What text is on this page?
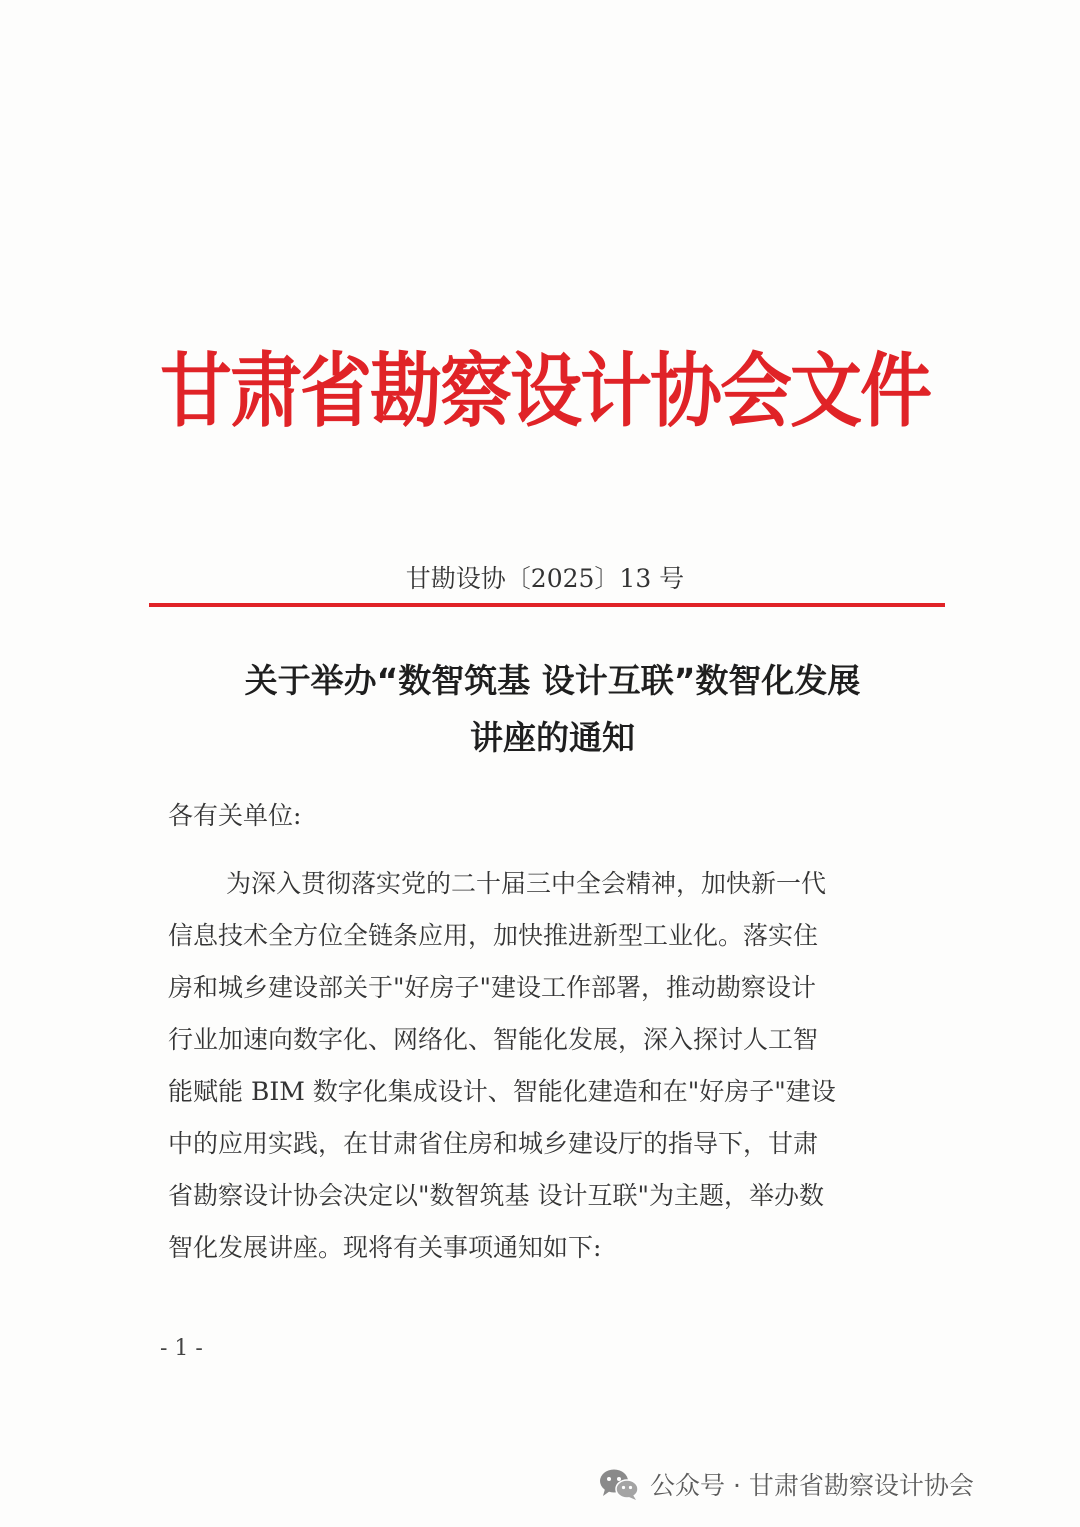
甘肃省勘察设计协会文件
甘勘设协〔2025〕13 号
关于举办“数智筑基 设计互联”数智化发展
讲座的通知
各有关单位:
为深入贯彻落实党的二十届三中全会精神，加快新一代
信息技术全方位全链条应用，加快推进新型工业化。落实住
房和城乡建设部关于"好房子"建设工作部署，推动勘察设计
行业加速向数字化、网络化、智能化发展，深入探讨人工智
能赋能 BIM 数字化集成设计、智能化建造和在"好房子"建设
中的应用实践，在甘肃省住房和城乡建设厅的指导下，甘肃
省勘察设计协会决定以"数智筑基 设计互联"为主题，举办数
智化发展讲座。现将有关事项通知如下:
- 1 -
公众号 · 甘肃省勘察设计协会
